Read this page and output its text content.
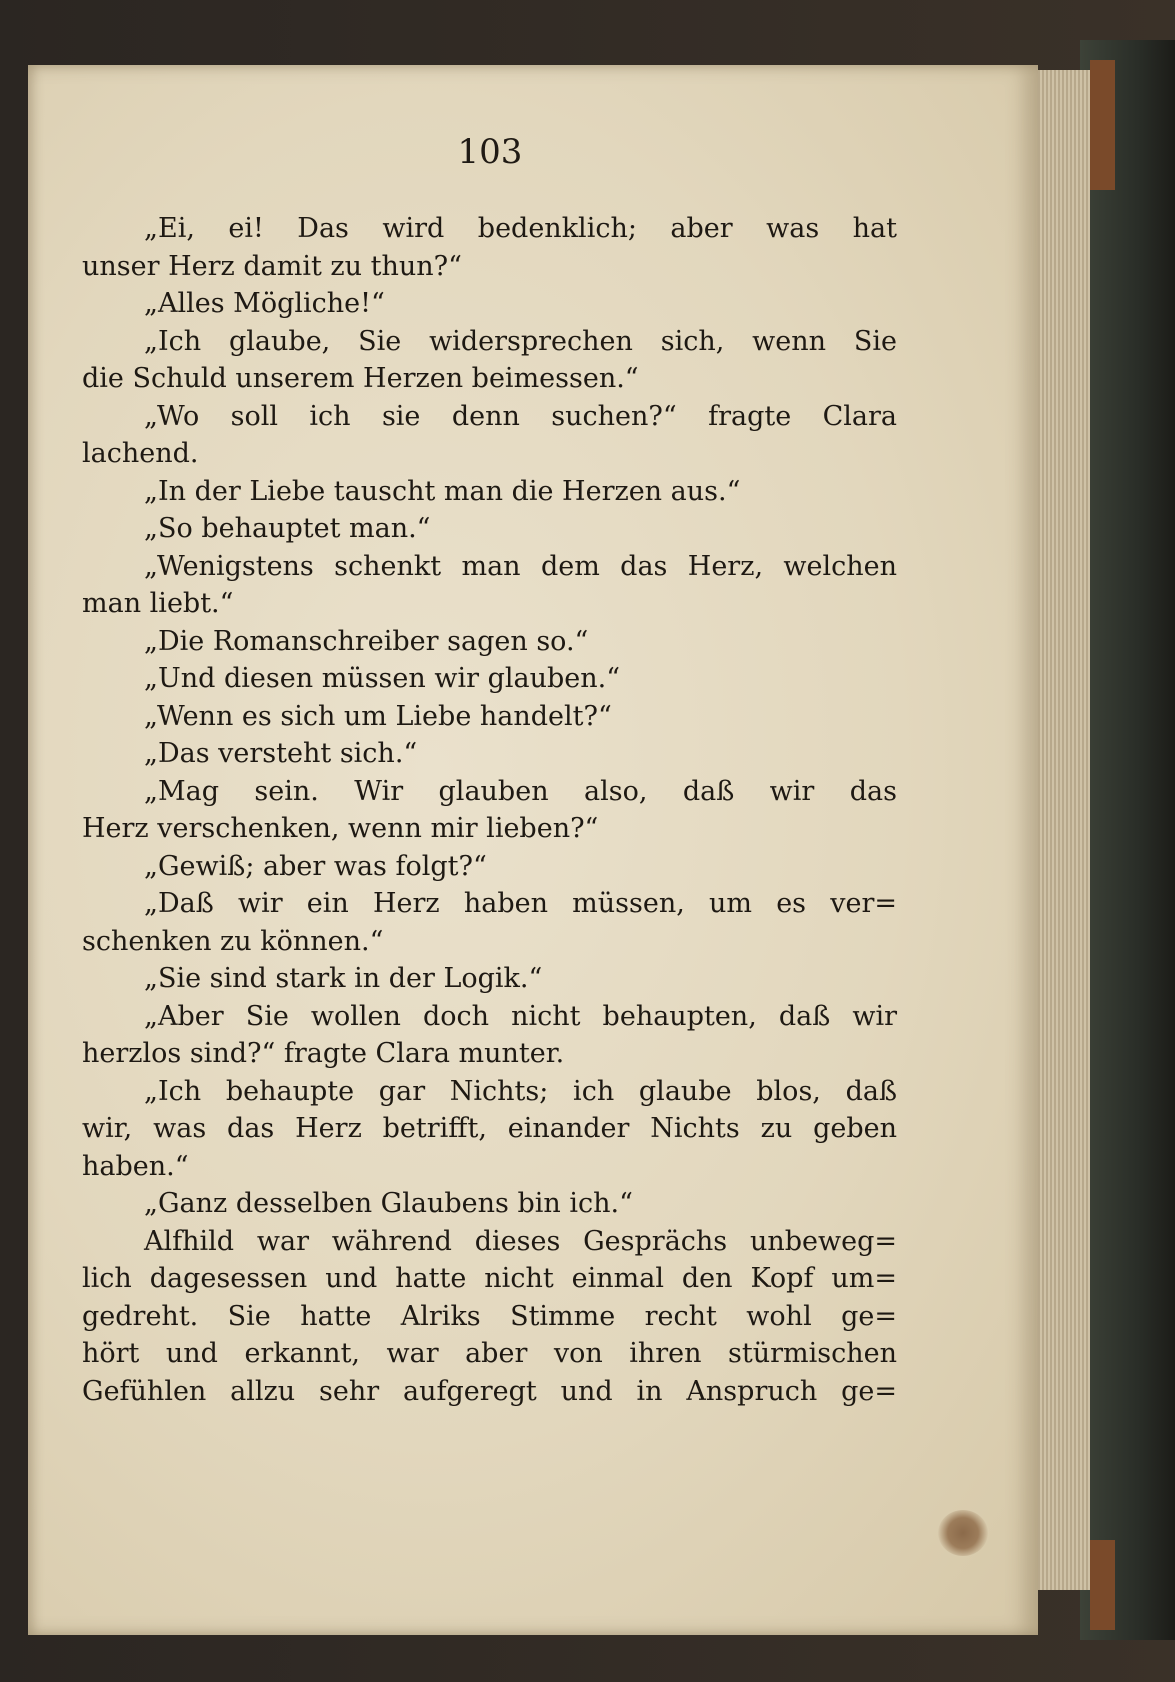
103
„Ei, ei! Das wird bedenklich; aber was hat
unser Herz damit zu thun?“
„Alles Mögliche!“
„Ich glaube, Sie widersprechen sich, wenn Sie
die Schuld unserem Herzen beimessen.“
„Wo soll ich sie denn suchen?“ fragte Clara
lachend.
„In der Liebe tauscht man die Herzen aus.“
„So behauptet man.“
„Wenigstens schenkt man dem das Herz, welchen
man liebt.“
„Die Romanschreiber sagen so.“
„Und diesen müssen wir glauben.“
„Wenn es sich um Liebe handelt?“
„Das versteht sich.“
„Mag sein. Wir glauben also, daß wir das
Herz verschenken, wenn mir lieben?“
„Gewiß; aber was folgt?“
„Daß wir ein Herz haben müssen, um es ver=
schenken zu können.“
„Sie sind stark in der Logik.“
„Aber Sie wollen doch nicht behaupten, daß wir
herzlos sind?“ fragte Clara munter.
„Ich behaupte gar Nichts; ich glaube blos, daß
wir, was das Herz betrifft, einander Nichts zu geben
haben.“
„Ganz desselben Glaubens bin ich.“
Alfhild war während dieses Gesprächs unbeweg=
lich dagesessen und hatte nicht einmal den Kopf um=
gedreht. Sie hatte Alriks Stimme recht wohl ge=
hört und erkannt, war aber von ihren stürmischen
Gefühlen allzu sehr aufgeregt und in Anspruch ge=
